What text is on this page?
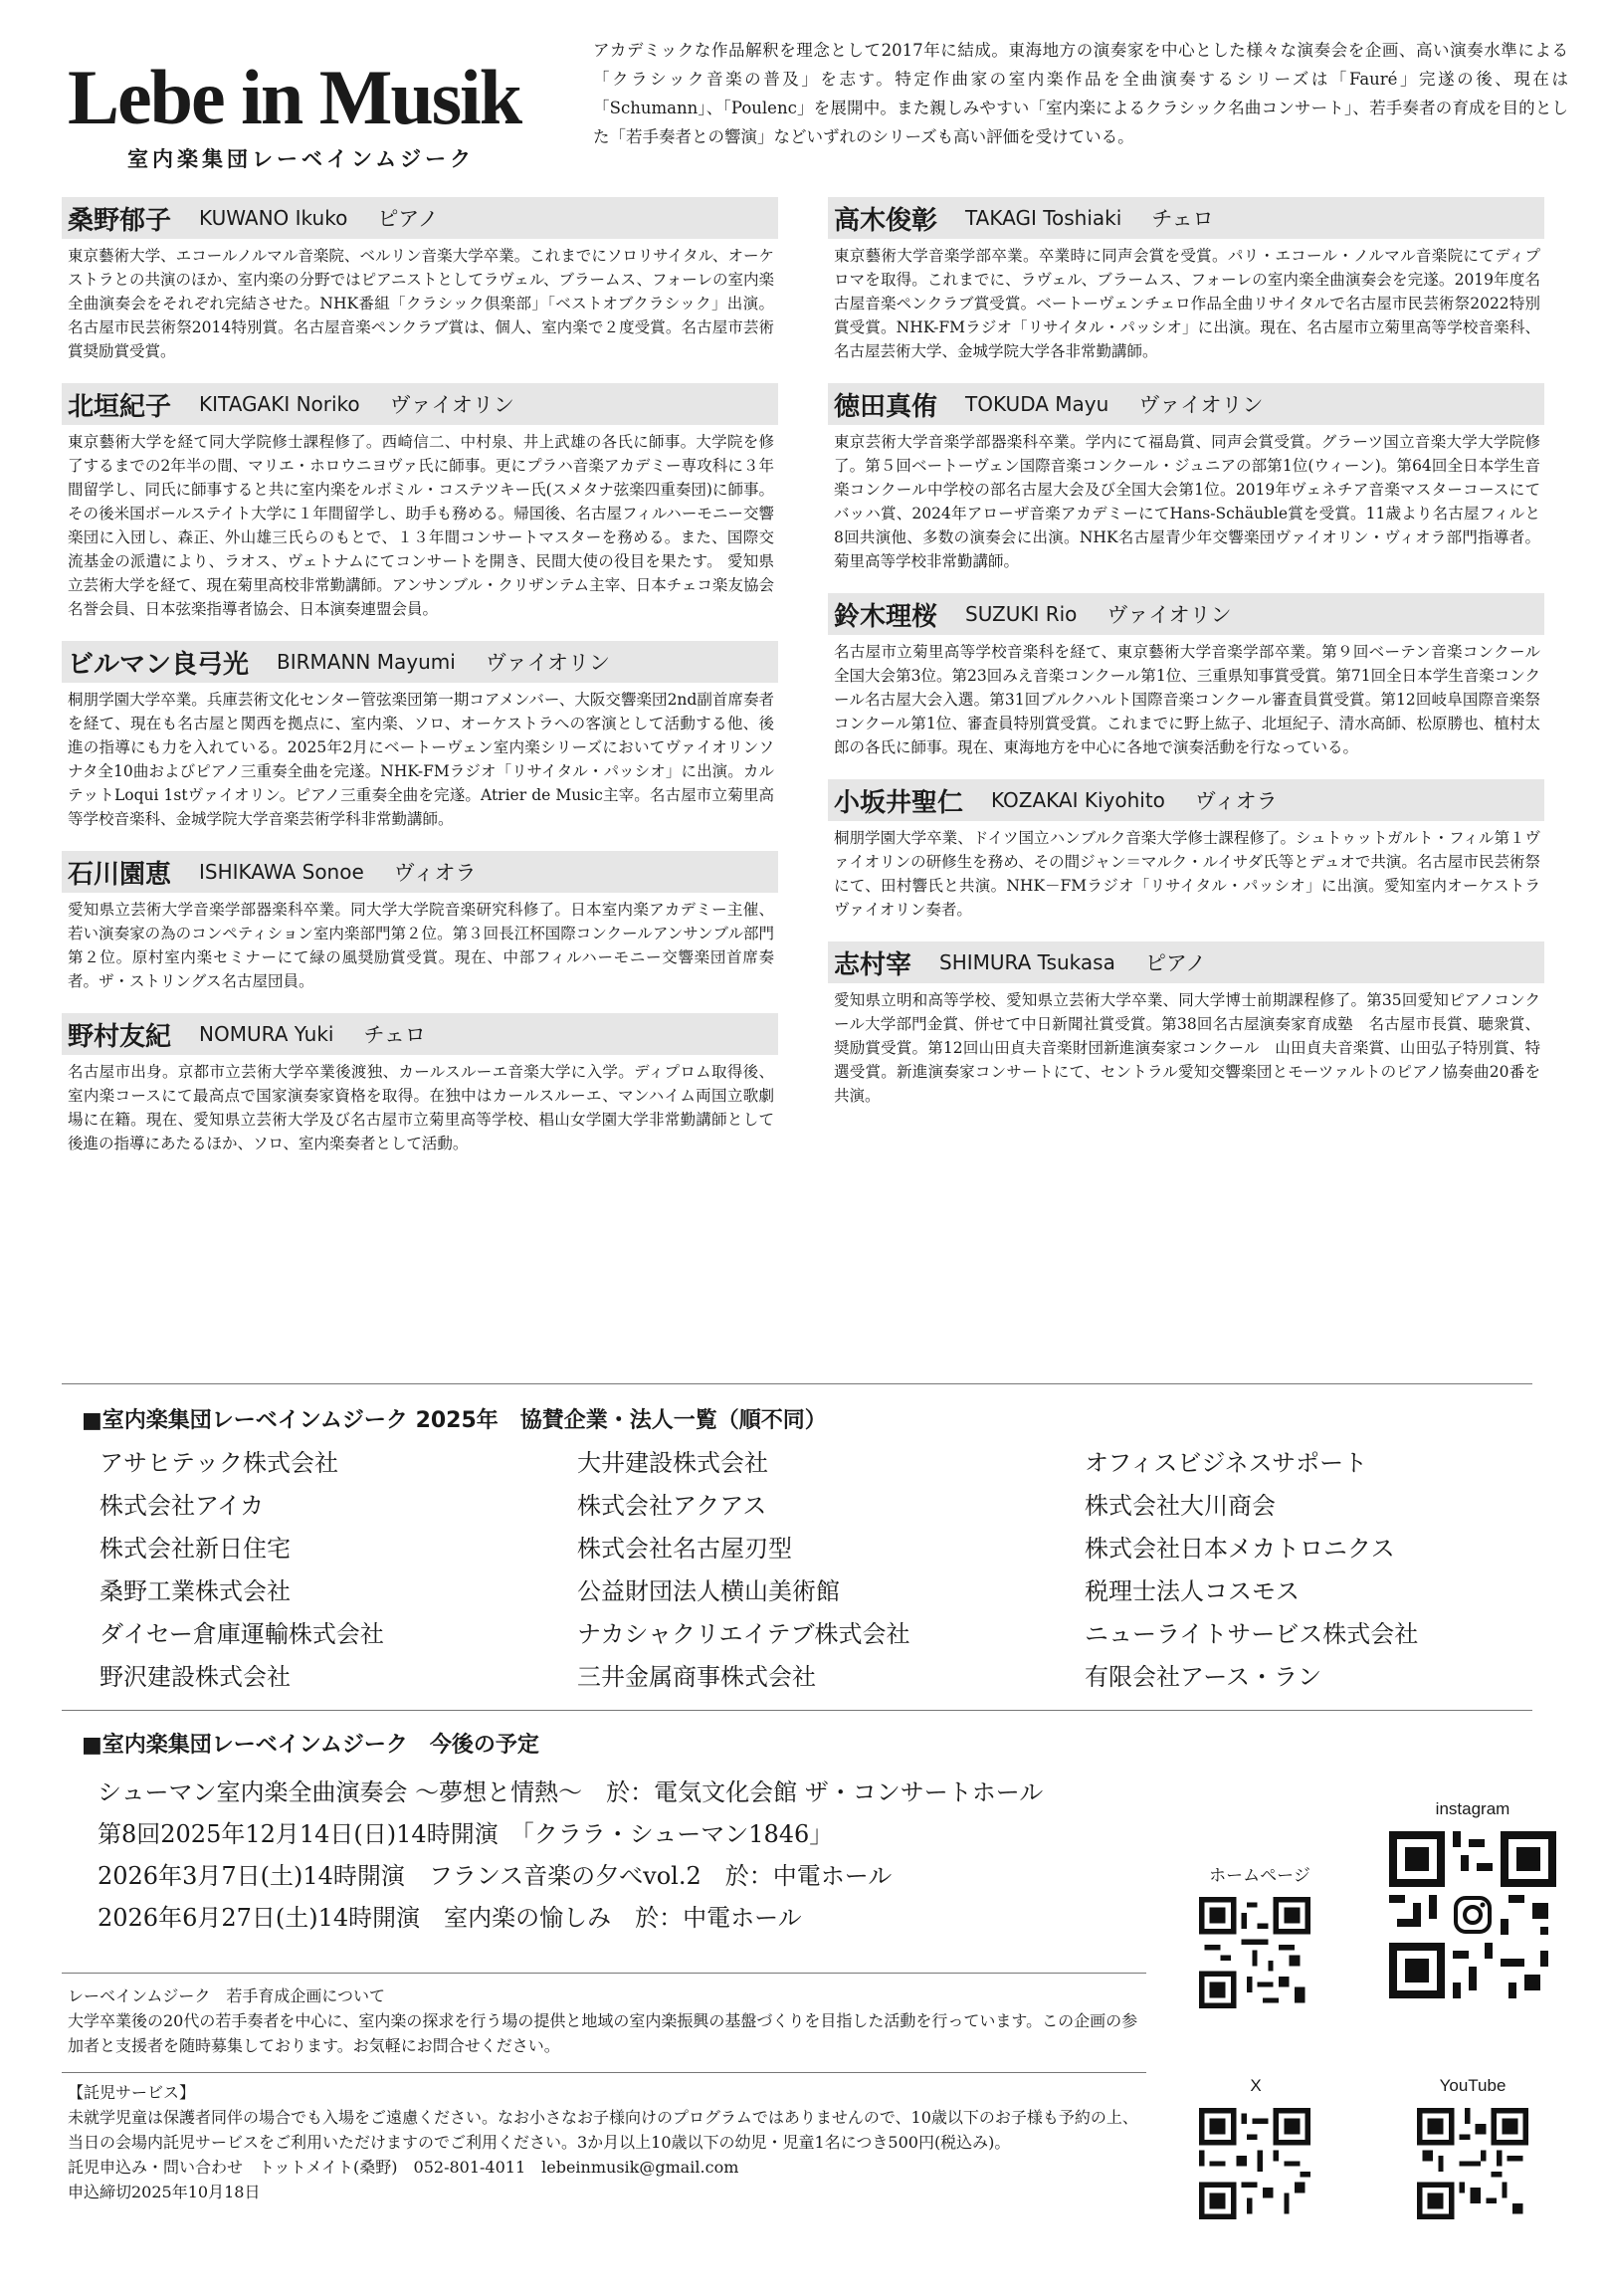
Lebe in Musik
室内楽集団レーベインムジーク
アカデミックな作品解釈を理念として2017年に結成。東海地方の演奏家を中心とした様々な演奏会を企画、高い演奏水準による「クラシック音楽の普及」を志す。特定作曲家の室内楽作品を全曲演奏するシリーズは「Fauré」完遂の後、現在は「Schumann」、「Poulenc」を展開中。また親しみやすい「室内楽によるクラシック名曲コンサート」、若手奏者の育成を目的とした「若手奏者との響演」などいずれのシリーズも高い評価を受けている。
桑野郁子 KUWANO Ikuko ピアノ
東京藝術大学、エコールノルマル音楽院、ベルリン音楽大学卒業。これまでにソロリサイタル、オーケストラとの共演のほか、室内楽の分野ではピアニストとしてラヴェル、ブラームス、フォーレの室内楽全曲演奏会をそれぞれ完結させた。NHK番組「クラシック倶楽部」「ベストオブクラシック」出演。名古屋市民芸術祭2014特別賞。名古屋音楽ペンクラブ賞は、個人、室内楽で２度受賞。名古屋市芸術賞奨励賞受賞。
北垣紀子 KITAGAKI Noriko ヴァイオリン
東京藝術大学を経て同大学院修士課程修了。西崎信二、中村泉、井上武雄の各氏に師事。大学院を修了するまでの2年半の間、マリエ・ホロウニヨヴァ氏に師事。更にプラハ音楽アカデミー専攻科に３年間留学し、同氏に師事すると共に室内楽をルボミル・コステツキー氏(スメタナ弦楽四重奏団)に師事。その後米国ボールステイト大学に１年間留学し、助手も務める。帰国後、名古屋フィルハーモニー交響楽団に入団し、森正、外山雄三氏らのもとで、１３年間コンサートマスターを務める。また、国際交流基金の派遣により、ラオス、ヴェトナムにてコンサートを開き、民間大使の役目を果たす。 愛知県立芸術大学を経て、現在菊里高校非常勤講師。アンサンブル・クリザンテム主宰、日本チェコ楽友協会名誉会員、日本弦楽指導者協会、日本演奏連盟会員。
ビルマン良弓光 BIRMANN Mayumi ヴァイオリン
桐朋学園大学卒業。兵庫芸術文化センター管弦楽団第一期コアメンバー、大阪交響楽団2nd副首席奏者を経て、現在も名古屋と関西を拠点に、室内楽、ソロ、オーケストラへの客演として活動する他、後進の指導にも力を入れている。2025年2月にベートーヴェン室内楽シリーズにおいてヴァイオリンソナタ全10曲およびピアノ三重奏全曲を完遂。NHK-FMラジオ「リサイタル・パッシオ」に出演。カルテットLoqui 1stヴァイオリン。ピアノ三重奏全曲を完遂。Atrier de Music主宰。名古屋市立菊里高等学校音楽科、金城学院大学音楽芸術学科非常勤講師。
石川園恵 ISHIKAWA Sonoe ヴィオラ
愛知県立芸術大学音楽学部器楽科卒業。同大学大学院音楽研究科修了。日本室内楽アカデミー主催、若い演奏家の為のコンペティション室内楽部門第２位。第３回長江杯国際コンクールアンサンブル部門第２位。原村室内楽セミナーにて緑の風奨励賞受賞。現在、中部フィルハーモニー交響楽団首席奏者。ザ・ストリングス名古屋団員。
野村友紀 NOMURA Yuki チェロ
名古屋市出身。京都市立芸術大学卒業後渡独、カールスルーエ音楽大学に入学。ディプロム取得後、室内楽コースにて最高点で国家演奏家資格を取得。在独中はカールスルーエ、マンハイム両国立歌劇場に在籍。現在、愛知県立芸術大学及び名古屋市立菊里高等学校、椙山女学園大学非常勤講師として後進の指導にあたるほか、ソロ、室内楽奏者として活動。
高木俊彰 TAKAGI Toshiaki チェロ
東京藝術大学音楽学部卒業。卒業時に同声会賞を受賞。パリ・エコール・ノルマル音楽院にてディプロマを取得。これまでに、ラヴェル、ブラームス、フォーレの室内楽全曲演奏会を完遂。2019年度名古屋音楽ペンクラブ賞受賞。ベートーヴェンチェロ作品全曲リサイタルで名古屋市民芸術祭2022特別賞受賞。NHK-FMラジオ「リサイタル・パッシオ」に出演。現在、名古屋市立菊里高等学校音楽科、名古屋芸術大学、金城学院大学各非常勤講師。
徳田真侑 TOKUDA Mayu ヴァイオリン
東京芸術大学音楽学部器楽科卒業。学内にて福島賞、同声会賞受賞。グラーツ国立音楽大学大学院修了。第５回ベートーヴェン国際音楽コンクール・ジュニアの部第1位(ウィーン)。第64回全日本学生音楽コンクール中学校の部名古屋大会及び全国大会第1位。2019年ヴェネチア音楽マスターコースにてバッハ賞、2024年アローザ音楽アカデミーにてHans-Schäuble賞を受賞。11歳より名古屋フィルと8回共演他、多数の演奏会に出演。NHK名古屋青少年交響楽団ヴァイオリン・ヴィオラ部門指導者。菊里高等学校非常勤講師。
鈴木理桜 SUZUKI Rio ヴァイオリン
名古屋市立菊里高等学校音楽科を経て、東京藝術大学音楽学部卒業。第９回ベーテン音楽コンクール全国大会第3位。第23回みえ音楽コンクール第1位、三重県知事賞受賞。第71回全日本学生音楽コンクール名古屋大会入選。第31回ブルクハルト国際音楽コンクール審査員賞受賞。第12回岐阜国際音楽祭コンクール第1位、審査員特別賞受賞。これまでに野上紘子、北垣紀子、清水高師、松原勝也、植村太郎の各氏に師事。現在、東海地方を中心に各地で演奏活動を行なっている。
小坂井聖仁 KOZAKAI Kiyohito ヴィオラ
桐朋学園大学卒業、ドイツ国立ハンブルク音楽大学修士課程修了。シュトゥットガルト・フィル第１ヴァイオリンの研修生を務め、その間ジャン＝マルク・ルイサダ氏等とデュオで共演。名古屋市民芸術祭にて、田村響氏と共演。NHK－FMラジオ「リサイタル・パッシオ」に出演。愛知室内オーケストラヴァイオリン奏者。
志村宰 SHIMURA Tsukasa ピアノ
愛知県立明和高等学校、愛知県立芸術大学卒業、同大学博士前期課程修了。第35回愛知ピアノコンクール大学部門金賞、併せて中日新聞社賞受賞。第38回名古屋演奏家育成塾　名古屋市長賞、聴衆賞、奨励賞受賞。第12回山田貞夫音楽財団新進演奏家コンクール　山田貞夫音楽賞、山田弘子特別賞、特選受賞。新進演奏家コンサートにて、セントラル愛知交響楽団とモーツァルトのピアノ協奏曲20番を共演。
■室内楽集団レーベインムジーク 2025年　協賛企業・法人一覧（順不同）
アサヒテック株式会社	大井建設株式会社	オフィスビジネスサポート
株式会社アイカ	株式会社アクアス	株式会社大川商会
株式会社新日住宅	株式会社名古屋刃型	株式会社日本メカトロニクス
桑野工業株式会社	公益財団法人横山美術館	税理士法人コスモス
ダイセー倉庫運輸株式会社	ナカシャクリエイテブ株式会社	ニューライトサービス株式会社
野沢建設株式会社	三井金属商事株式会社	有限会社アース・ラン
■室内楽集団レーベインムジーク　今後の予定
シューマン室内楽全曲演奏会 ～夢想と情熱～　於：電気文化会館 ザ・コンサートホール
第8回2025年12月14日(日)14時開演　「クララ・シューマン1846」
2026年3月7日(土)14時開演　フランス音楽の夕べvol.2　於：中電ホール
2026年6月27日(土)14時開演　室内楽の愉しみ　於：中電ホール
レーベインムジーク　若手育成企画について
大学卒業後の20代の若手奏者を中心に、室内楽の探求を行う場の提供と地域の室内楽振興の基盤づくりを目指した活動を行っています。この企画の参加者と支援者を随時募集しております。お気軽にお問合せください。
【託児サービス】
未就学児童は保護者同伴の場合でも入場をご遠慮ください。なお小さなお子様向けのプログラムではありませんので、10歳以下のお子様も予約の上、当日の会場内託児サービスをご利用いただけますのでご利用ください。3か月以上10歳以下の幼児・児童1名につき500円(税込み)。
託児申込み・問い合わせ　トットメイト(桑野)　052-801-4011　lebeinmusik@gmail.com
申込締切2025年10月18日
instagram
ホームページ
X	YouTube
